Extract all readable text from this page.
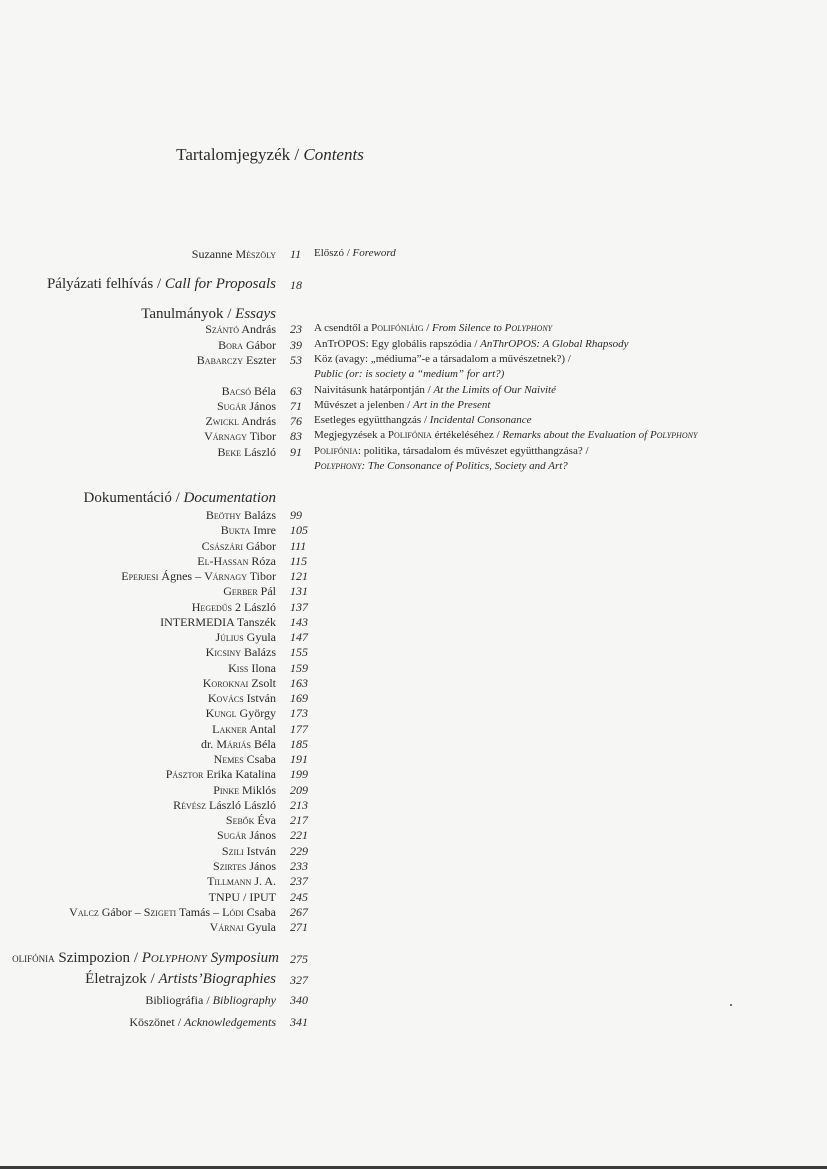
Tartalomjegyzék / Contents
Suzanne Mészöly 11 Előszó / Foreword
Pályázati felhívás / Call for Proposals 18
Tanulmányok / Essays
Szántó András 23 A csendtől a Polifóniáig / From Silence to Polyphony
Bora Gábor 39 AnTrOPOS: Egy globális rapszódia / AnThrOPOS: A Global Rhapsody
Babarczy Eszter 53 Köz (avagy: „médiuma”-e a társadalom a művészetnek?) /
Public (or: is society a “medium” for art?)
Bacsó Béla 63 Naivitásunk határpontján / At the Limits of Our Naivité
Sugár János 71 Művészet a jelenben / Art in the Present
Zwickl András 76 Esetleges együtthangzás / Incidental Consonance
Várnagy Tibor 83 Megjegyzések a Polifónia értékeléséhez / Remarks about the Evaluation of Polyphony
Beke László 91 Polifónia: politika, társadalom és művészet együtthangzása? /
Polyphony: The Consonance of Politics, Society and Art?
Dokumentáció / Documentation
Beöthy Balázs 99
Bukta Imre 105
Császári Gábor 111
El-Hassan Róza 115
Eperjesi Ágnes – Várnagy Tibor 121
Gerber Pál 131
Hegedűs 2 László 137
INTERMEDIA Tanszék 143
Július Gyula 147
Kicsiny Balázs 155
Kiss Ilona 159
Koroknai Zsolt 163
Kovács István 169
Kungl György 173
Lakner Antal 177
dr. Máriás Béla 185
Nemes Csaba 191
Pásztor Erika Katalina 199
Pinke Miklós 209
Révész László László 213
Sebők Éva 217
Sugár János 221
Szili István 229
Szirtes János 233
Tillmann J. A. 237
TNPU / IPUT 245
Valcz Gábor – Szigeti Tamás – Lódi Csaba 267
Várnai Gyula 271
olifónia Szimpozion / Polyphony Symposium 275
Életrajzok / Artists’Biographies 327
Bibliográfia / Bibliography 340
Köszönet / Acknowledgements 341
